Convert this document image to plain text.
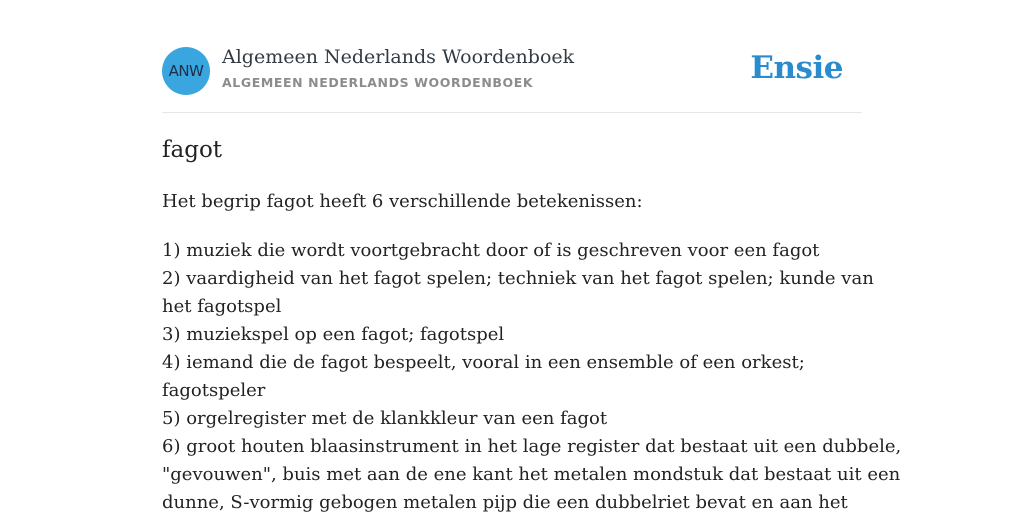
ANW
Algemeen Nederlands Woordenboek
ALGEMEEN NEDERLANDS WOORDENBOEK	Ensie
fagot

Het begrip fagot heeft 6 verschillende betekenissen:

1) muziek die wordt voortgebracht door of is geschreven voor een fagot
2) vaardigheid van het fagot spelen; techniek van het fagot spelen; kunde van
het fagotspel
3) muziekspel op een fagot; fagotspel
4) iemand die de fagot bespeelt, vooral in een ensemble of een orkest;
fagotspeler
5) orgelregister met de klankkleur van een fagot
6) groot houten blaasinstrument in het lage register dat bestaat uit een dubbele,
"gevouwen", buis met aan de ene kant het metalen mondstuk dat bestaat uit een
dunne, S-vormig gebogen metalen pijp die een dubbelriet bevat en aan het
